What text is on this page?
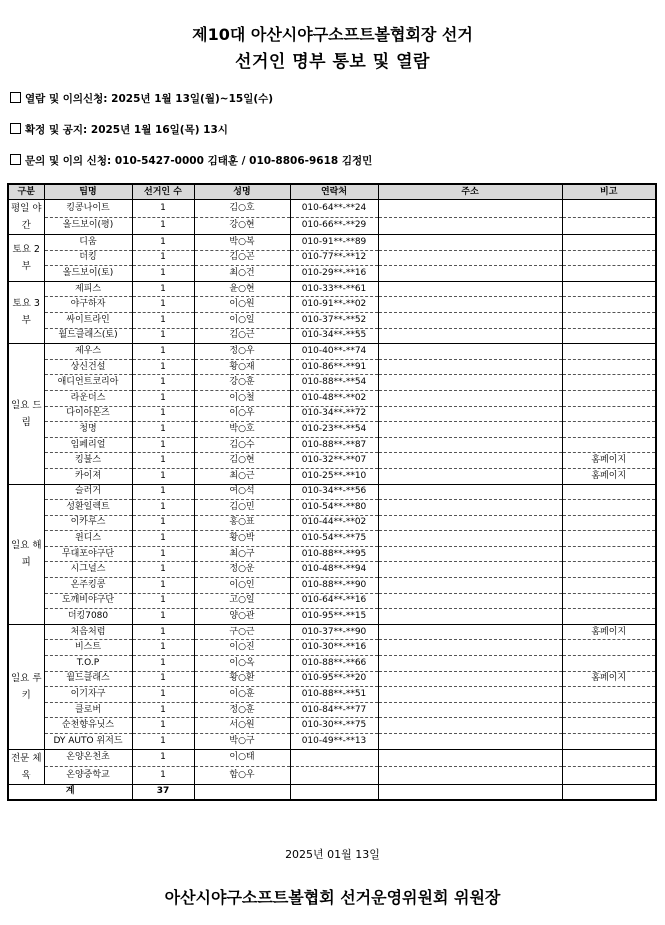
제10대 아산시야구소프트볼협회장 선거
선거인 명부 통보 및 열람
열람 및 이의신청: 2025년 1월 13일(월)~15일(수)
확정 및 공지: 2025년 1월 16일(목) 13시
문의 및 이의 신청: 010-5427-0000 김태훈 / 010-8806-9618 김정민
구분	팀명	선거인 수	성명	연락처	주소	비고
평일 야간	킹콩나이트	1	김○호	010-64**-**24		
	올드보이(평)	1	강○현	010-66**-**29		
토요 2부	디움	1	박○복	010-91**-**89		
	더킹	1	김○곤	010-77**-**12		
	올드보이(토)	1	최○건	010-29**-**16		
토요 3부	제피스	1	윤○현	010-33**-**61		
	야구하자	1	이○원	010-91**-**02		
	싸이트라인	1	이○일	010-37**-**52		
	월드클래스(토)	1	김○근	010-34**-**55		
일요 드림	제우스	1	정○우	010-40**-**74		
	상신건설	1	황○재	010-86**-**91		
	애디언트코리아	1	강○훈	010-88**-**54		
	라운더스	1	이○철	010-48**-**02		
	다이아몬즈	1	이○우	010-34**-**72		
	청명	1	박○호	010-23**-**54		
	임페리얼	1	김○수	010-88**-**87		
	킹불스	1	김○현	010-32**-**07		홈페이지
	카이져	1	최○근	010-25**-**10		홈페이지
일요 해피	슬러거	1	여○석	010-34**-**56		
	성환일렉트	1	김○민	010-54**-**80		
	이카루스	1	홍○표	010-44**-**02		
	윈디스	1	황○박	010-54**-**75		
	무대포야구단	1	최○구	010-88**-**95		
	시그널스	1	정○운	010-48**-**94		
	온주킹콩	1	이○인	010-88**-**90		
	도깨비야구단	1	고○일	010-64**-**16		
	더킹7080	1	양○관	010-95**-**15		
일요 루키	처음처럼	1	구○근	010-37**-**90		홈페이지
	비스트	1	이○진	010-30**-**16		
	T.O.P	1	이○옥	010-88**-**66		
	월드클래스	1	황○환	010-95**-**20		홈페이지
	이기자구	1	이○훈	010-88**-**51		
	클로버	1	정○훈	010-84**-**77		
	순천향유닛스	1	서○원	010-30**-**75		
	DY AUTO 위저드	1	박○구	010-49**-**13		
전문 체육	온양온천초	1	이○태			
	온양중학교	1	함○우			
계		37				
2025년 01월 13일
아산시야구소프트볼협회 선거운영위원회 위원장
